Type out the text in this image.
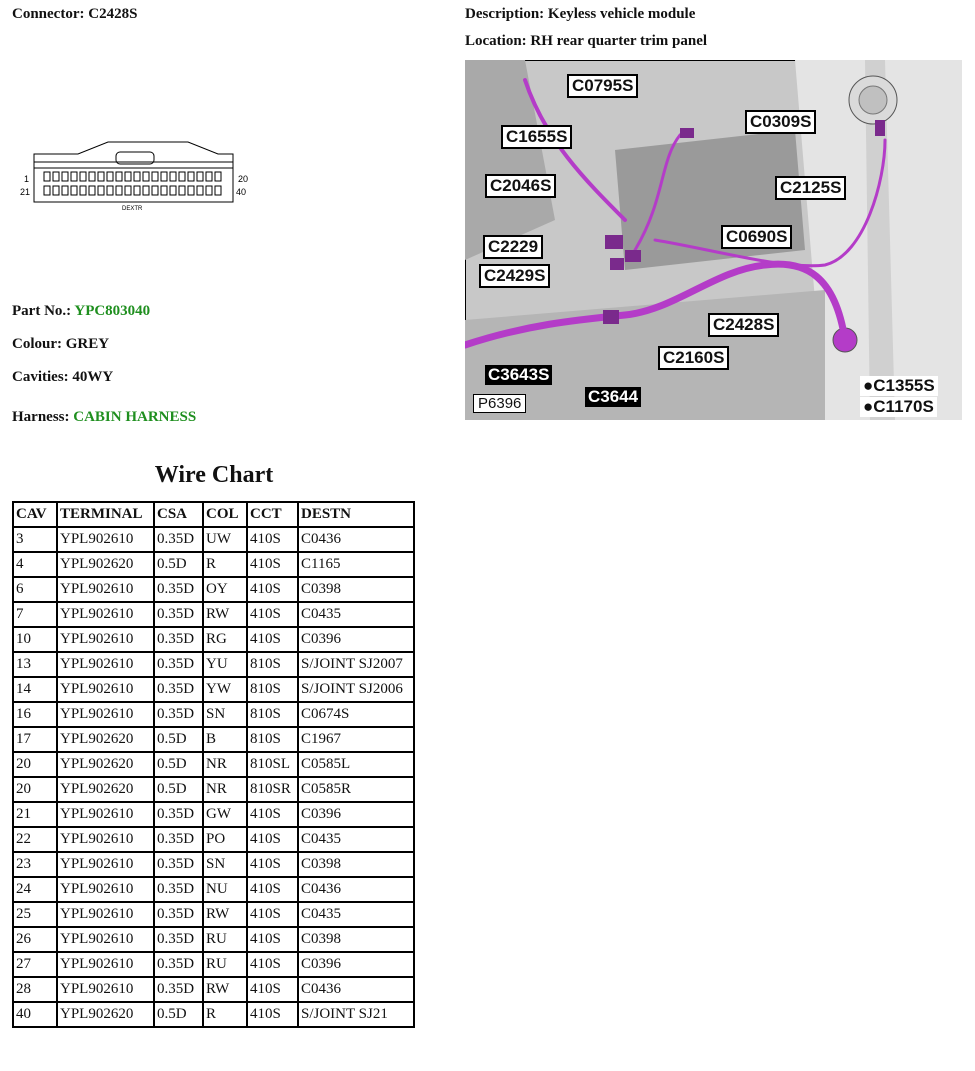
Connector: C2428S	Description: Keyless vehicle module
Location: RH rear quarter trim panel
1	20
21	40
DEXTR
Part No.: YPC803040
Colour: GREY
Cavities: 40WY
Harness: CABIN HARNESS
C0795S
C1655S
C0309S
C2046S	C2125S
C0690S
C2229
C2429S
C2428S
C2160S
C3643S
C3644
●C1355S
●C1170S
P6396
Wire Chart
CAV	TERMINAL	CSA	COL	CCT	DESTN
3	YPL902610	0.35D	UW	410S	C0436
4	YPL902620	0.5D	R	410S	C1165
6	YPL902610	0.35D	OY	410S	C0398
7	YPL902610	0.35D	RW	410S	C0435
10	YPL902610	0.35D	RG	410S	C0396
13	YPL902610	0.35D	YU	810S	S/JOINT SJ2007
14	YPL902610	0.35D	YW	810S	S/JOINT SJ2006
16	YPL902610	0.35D	SN	810S	C0674S
17	YPL902620	0.5D	B	810S	C1967
20	YPL902620	0.5D	NR	810SL	C0585L
20	YPL902620	0.5D	NR	810SR	C0585R
21	YPL902610	0.35D	GW	410S	C0396
22	YPL902610	0.35D	PO	410S	C0435
23	YPL902610	0.35D	SN	410S	C0398
24	YPL902610	0.35D	NU	410S	C0436
25	YPL902610	0.35D	RW	410S	C0435
26	YPL902610	0.35D	RU	410S	C0398
27	YPL902610	0.35D	RU	410S	C0396
28	YPL902610	0.35D	RW	410S	C0436
40	YPL902620	0.5D	R	410S	S/JOINT SJ21
